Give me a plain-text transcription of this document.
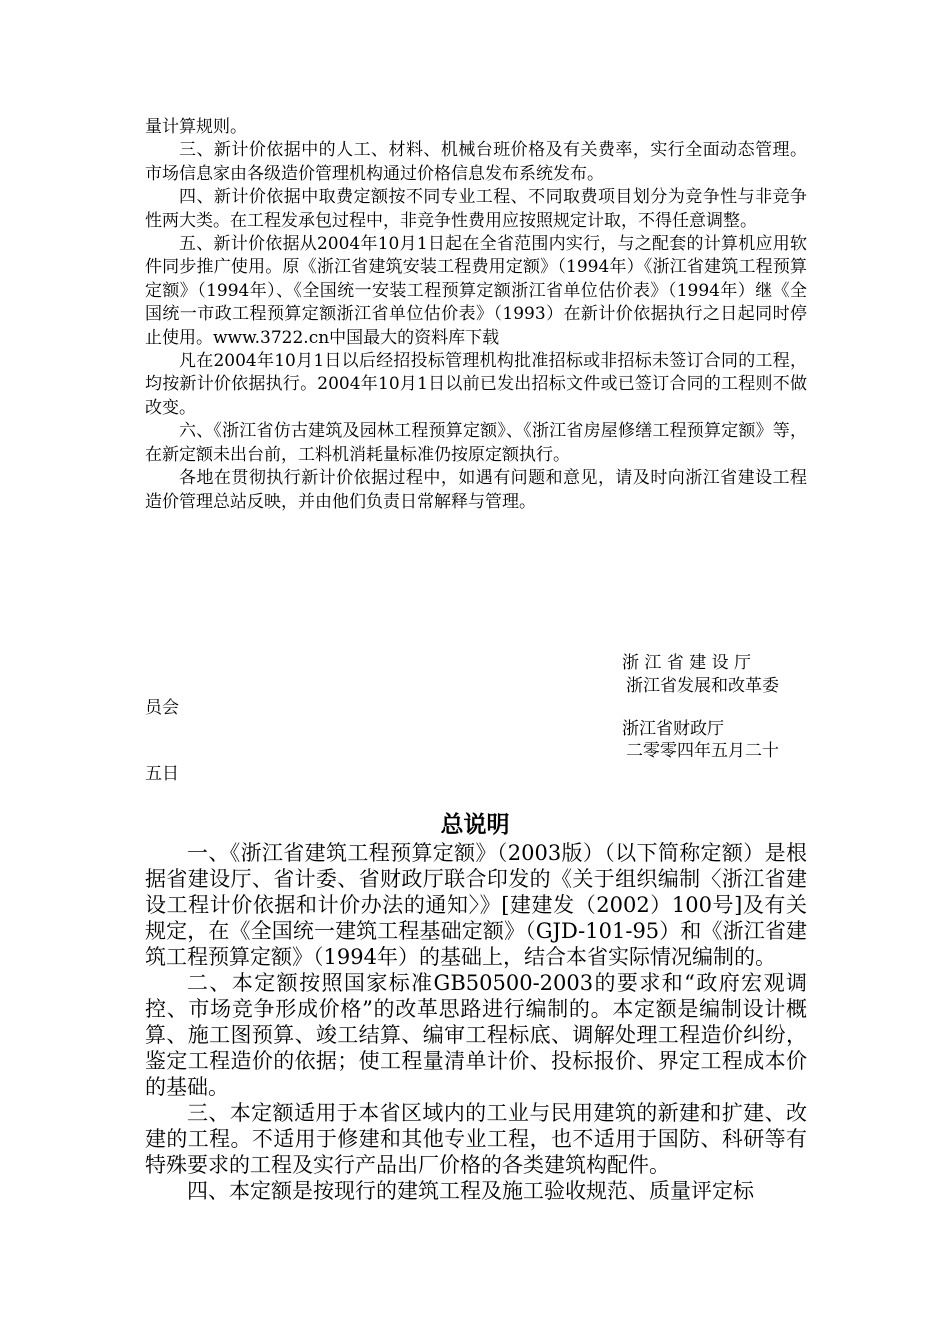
量计算规则。

三、新计价依据中的人工、材料、机械台班价格及有关费率，实行全面动态管理。市场信息家由各级造价管理机构通过价格信息发布系统发布。

四、新计价依据中取费定额按不同专业工程、不同取费项目划分为竞争性与非竞争性两大类。在工程发承包过程中，非竞争性费用应按照规定计取，不得任意调整。

五、新计价依据从2004年10月1日起在全省范围内实行，与之配套的计算机应用软件同步推广使用。原《浙江省建筑安装工程费用定额》（1994年）《浙江省建筑工程预算定额》（1994年）、《全国统一安装工程预算定额浙江省单位估价表》（1994年）继《全国统一市政工程预算定额浙江省单位估价表》（1993）在新计价依据执行之日起同时停止使用。www.3722.cn中国最大的资料库下载

凡在2004年10月1日以后经招投标管理机构批准招标或非招标未签订合同的工程，均按新计价依据执行。2004年10月1日以前已发出招标文件或已签订合同的工程则不做改变。

六、《浙江省仿古建筑及园林工程预算定额》、《浙江省房屋修缮工程预算定额》等，在新定额未出台前，工料机消耗量标准仍按原定额执行。

各地在贯彻执行新计价依据过程中，如遇有问题和意见，请及时向浙江省建设工程造价管理总站反映，并由他们负责日常解释与管理。

浙 江 省 建 设 厅
浙江省发展和改革委
员会
浙江省财政厅
二零零四年五月二十
五日
总说明

一、《浙江省建筑工程预算定额》（2003版）（以下简称定额）是根据省建设厅、省计委、省财政厅联合印发的《关于组织编制〈浙江省建设工程计价依据和计价办法的通知〉》[建建发（2002）100号]及有关规定，在《全国统一建筑工程基础定额》（GJD-101-95）和《浙江省建筑工程预算定额》（1994年）的基础上，结合本省实际情况编制的。

二、本定额按照国家标准GB50500-2003的要求和“政府宏观调控、市场竞争形成价格”的改革思路进行编制的。本定额是编制设计概算、施工图预算、竣工结算、编审工程标底、调解处理工程造价纠纷，鉴定工程造价的依据；使工程量清单计价、投标报价、界定工程成本价的基础。

三、本定额适用于本省区域内的工业与民用建筑的新建和扩建、改建的工程。不适用于修建和其他专业工程，也不适用于国防、科研等有特殊要求的工程及实行产品出厂价格的各类建筑构配件。

四、本定额是按现行的建筑工程及施工验收规范、质量评定标
